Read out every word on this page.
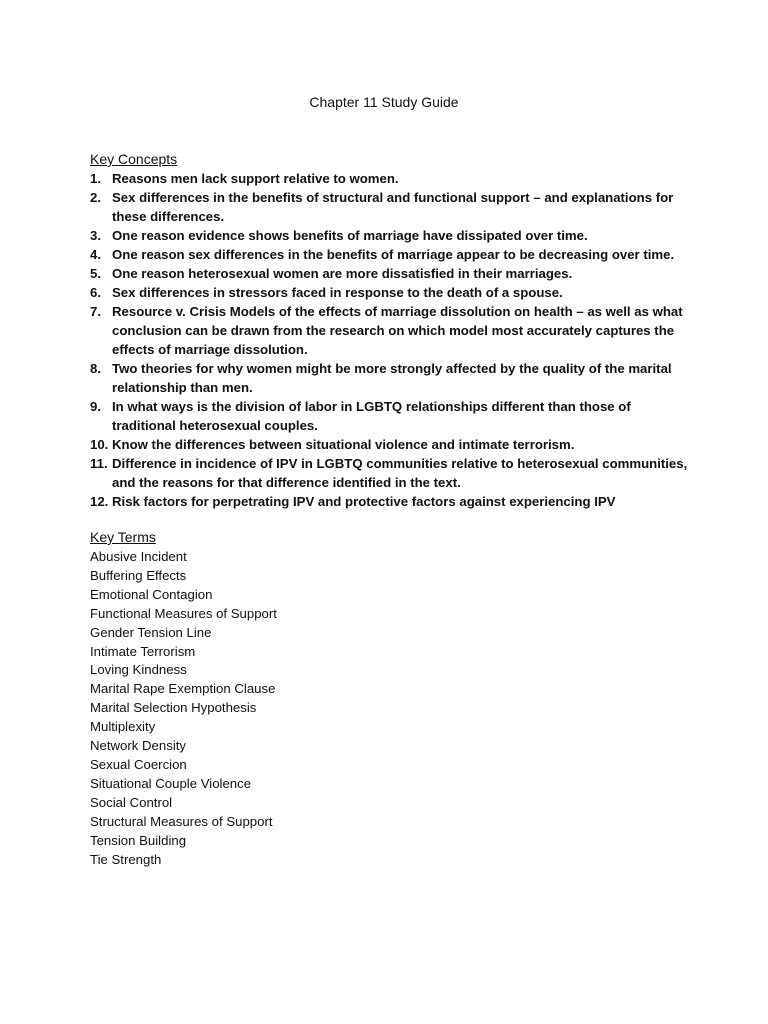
Chapter 11 Study Guide
Key Concepts
1. Reasons men lack support relative to women.
2. Sex differences in the benefits of structural and functional support – and explanations for these differences.
3. One reason evidence shows benefits of marriage have dissipated over time.
4. One reason sex differences in the benefits of marriage appear to be decreasing over time.
5. One reason heterosexual women are more dissatisfied in their marriages.
6. Sex differences in stressors faced in response to the death of a spouse.
7. Resource v. Crisis Models of the effects of marriage dissolution on health – as well as what conclusion can be drawn from the research on which model most accurately captures the effects of marriage dissolution.
8. Two theories for why women might be more strongly affected by the quality of the marital relationship than men.
9. In what ways is the division of labor in LGBTQ relationships different than those of traditional heterosexual couples.
10. Know the differences between situational violence and intimate terrorism.
11. Difference in incidence of IPV in LGBTQ communities relative to heterosexual communities, and the reasons for that difference identified in the text.
12. Risk factors for perpetrating IPV and protective factors against experiencing IPV
Key Terms
Abusive Incident
Buffering Effects
Emotional Contagion
Functional Measures of Support
Gender Tension Line
Intimate Terrorism
Loving Kindness
Marital Rape Exemption Clause
Marital Selection Hypothesis
Multiplexity
Network Density
Sexual Coercion
Situational Couple Violence
Social Control
Structural Measures of Support
Tension Building
Tie Strength
